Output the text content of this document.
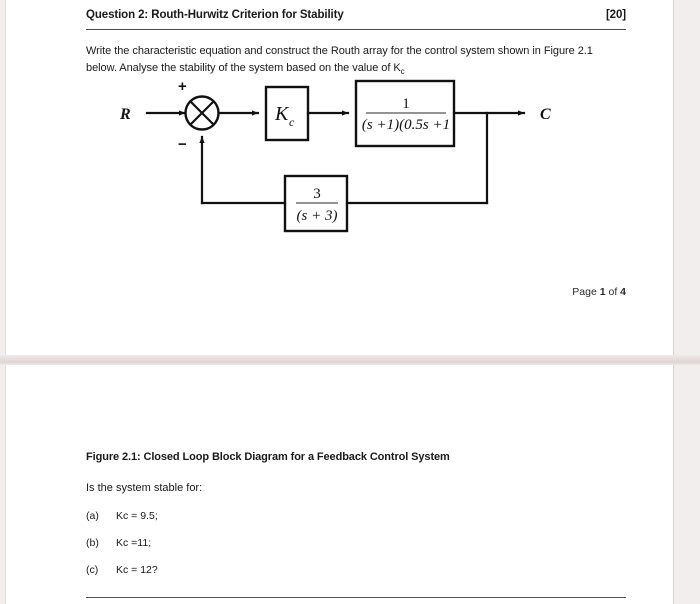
Question 2: Routh-Hurwitz Criterion for Stability	[20]

Write the characteristic equation and construct the Routh array for the control system shown in Figure 2.1 below. Analyse the stability of the system based on the value of $K_c$

R	C
+
−
K c
1
(s +1)(0.5s +1
3
(s + 3)
Page 1 of 4
Figure 2.1: Closed Loop Block Diagram for a Feedback Control System
Is the system stable for:
(a)	Kc = 9.5;
(b)	Kc =11;
(c)	Kc = 12?
